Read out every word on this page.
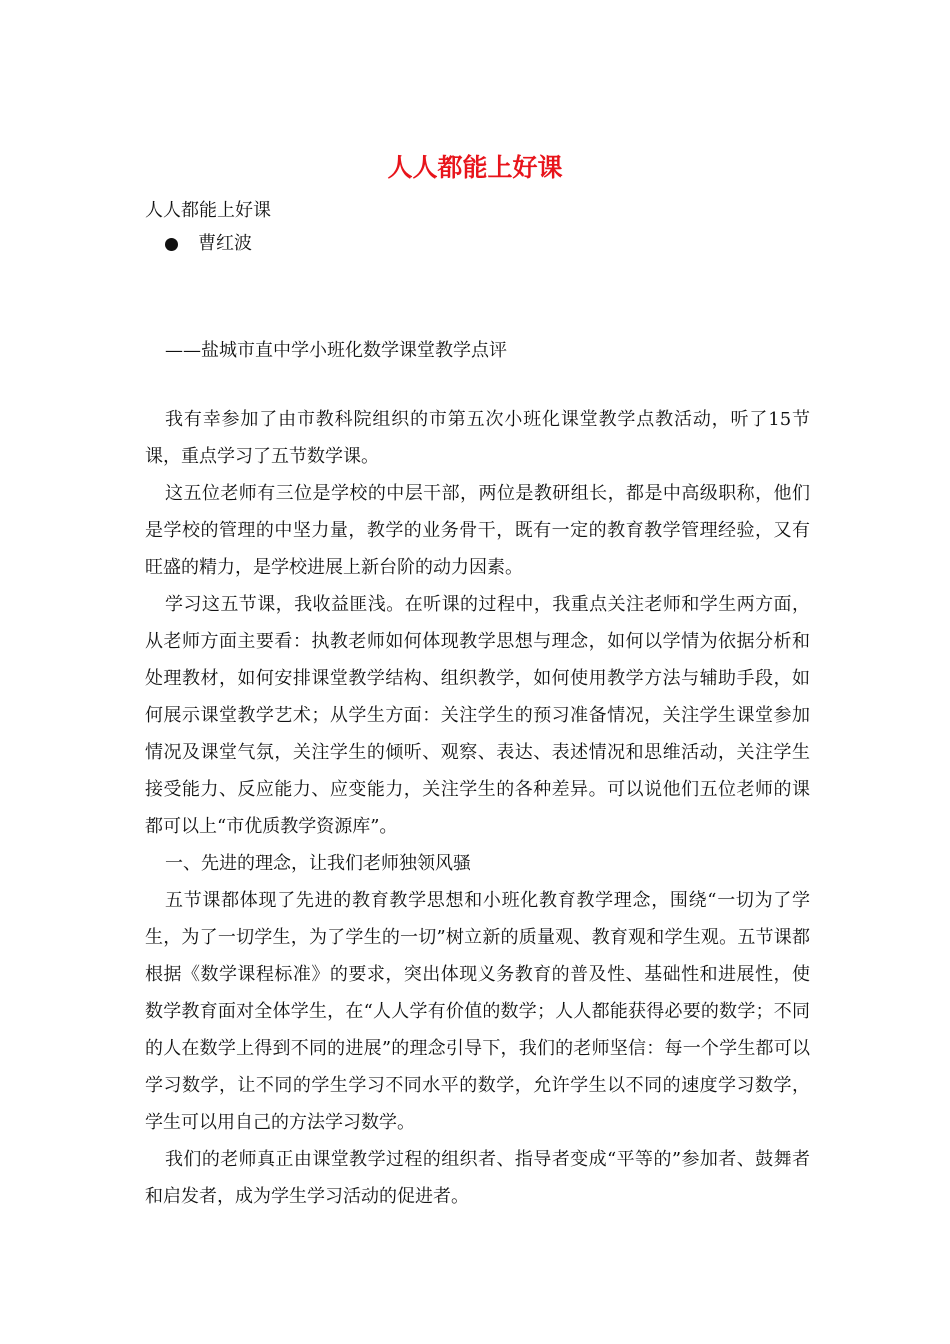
人人都能上好课
人人都能上好课
曹红波
——盐城市直中学小班化数学课堂教学点评

我有幸参加了由市教科院组织的市第五次小班化课堂教学点教活动，听了15节课，重点学习了五节数学课。

这五位老师有三位是学校的中层干部，两位是教研组长，都是中高级职称，他们是学校的管理的中坚力量，教学的业务骨干，既有一定的教育教学管理经验，又有旺盛的精力，是学校进展上新台阶的动力因素。

学习这五节课，我收益匪浅。在听课的过程中，我重点关注老师和学生两方面，从老师方面主要看：执教老师如何体现教学思想与理念，如何以学情为依据分析和处理教材，如何安排课堂教学结构、组织教学，如何使用教学方法与辅助手段，如何展示课堂教学艺术；从学生方面：关注学生的预习准备情况，关注学生课堂参加情况及课堂气氛，关注学生的倾听、观察、表达、表述情况和思维活动，关注学生接受能力、反应能力、应变能力，关注学生的各种差异。可以说他们五位老师的课都可以上“市优质教学资源库”。

一、先进的理念，让我们老师独领风骚

五节课都体现了先进的教育教学思想和小班化教育教学理念，围绕“一切为了学生，为了一切学生，为了学生的一切”树立新的质量观、教育观和学生观。五节课都根据《数学课程标准》的要求，突出体现义务教育的普及性、基础性和进展性，使数学教育面对全体学生，在“人人学有价值的数学；人人都能获得必要的数学；不同的人在数学上得到不同的进展”的理念引导下，我们的老师坚信：每一个学生都可以学习数学，让不同的学生学习不同水平的数学，允许学生以不同的速度学习数学，学生可以用自己的方法学习数学。

我们的老师真正由课堂教学过程的组织者、指导者变成“平等的”参加者、鼓舞者和启发者，成为学生学习活动的促进者。
